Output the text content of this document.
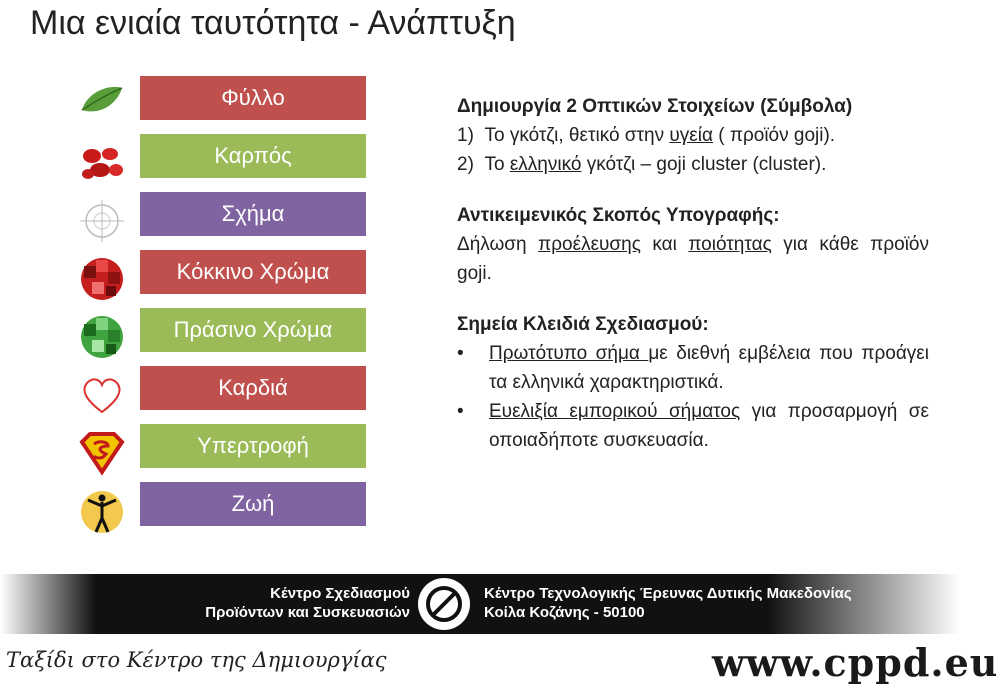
Μια ενιαία ταυτότητα - Ανάπτυξη
Φύλλο
Καρπός
Σχήμα
Κόκκινο Χρώμα
Πράσινο Χρώμα
Καρδιά
Υπερτροφή
Ζωή
Δημιουργία 2 Οπτικών Στοιχείων (Σύμβολα)
1)  Το γκότζι, θετικό στην υγεία ( προϊόν goji).
2)  Το ελληνικό γκότζι – goji cluster (cluster).
Αντικειμενικός Σκοπός Υπογραφής:
Δήλωση προέλευσης και ποιότητας για κάθε προϊόν goji.
Σημεία Κλειδιά Σχεδιασμού:
• Πρωτότυπο σήμα με διεθνή εμβέλεια που προάγει τα ελληνικά χαρακτηριστικά.
• Ευελιξία εμπορικού σήματος για προσαρμογή σε οποιαδήποτε συσκευασία.
Κέντρο Σχεδιασμού
Προϊόντων και Συσκευασιών
Κέντρο Τεχνολογικής Έρευνας Δυτικής Μακεδονίας
Κοίλα Κοζάνης - 50100
Ταξίδι στο Κέντρο της Δημιουργίας	www.cppd.eu
